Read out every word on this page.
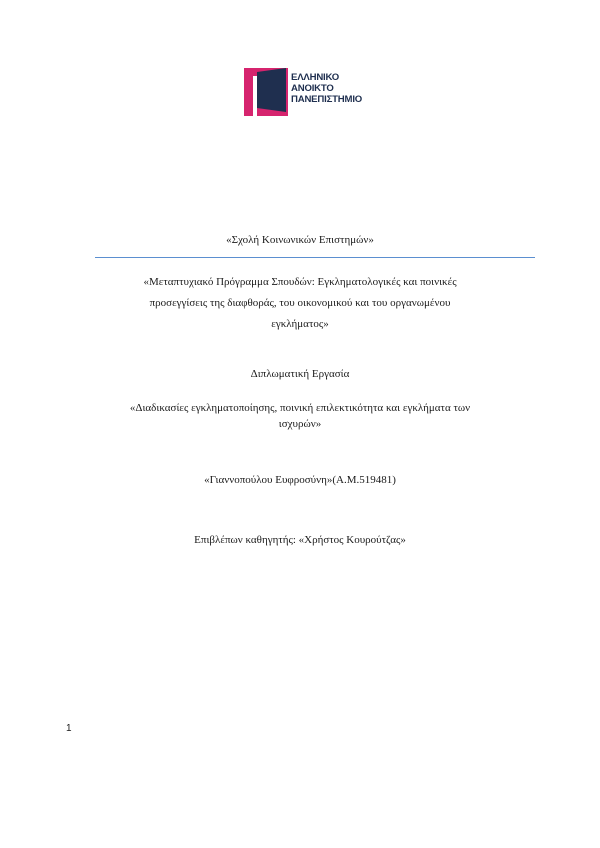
ΕΛΛΗΝΙΚΟ
ΑΝΟΙΚΤΟ
ΠΑΝΕΠΙΣΤΗΜΙΟ
«Σχολή Κοινωνικών Επιστημών»
«Μεταπτυχιακό Πρόγραμμα Σπουδών: Εγκληματολογικές και ποινικές
προσεγγίσεις της διαφθοράς, του οικονομικού και του οργανωμένου
εγκλήματος»
Διπλωματική Εργασία
«Διαδικασίες εγκληματοποίησης, ποινική επιλεκτικότητα και εγκλήματα των
ισχυρών»
«Γιαννοπούλου Ευφροσύνη»(Α.Μ.519481)
Επιβλέπων καθηγητής: «Χρήστος Κουρούτζας»
1
